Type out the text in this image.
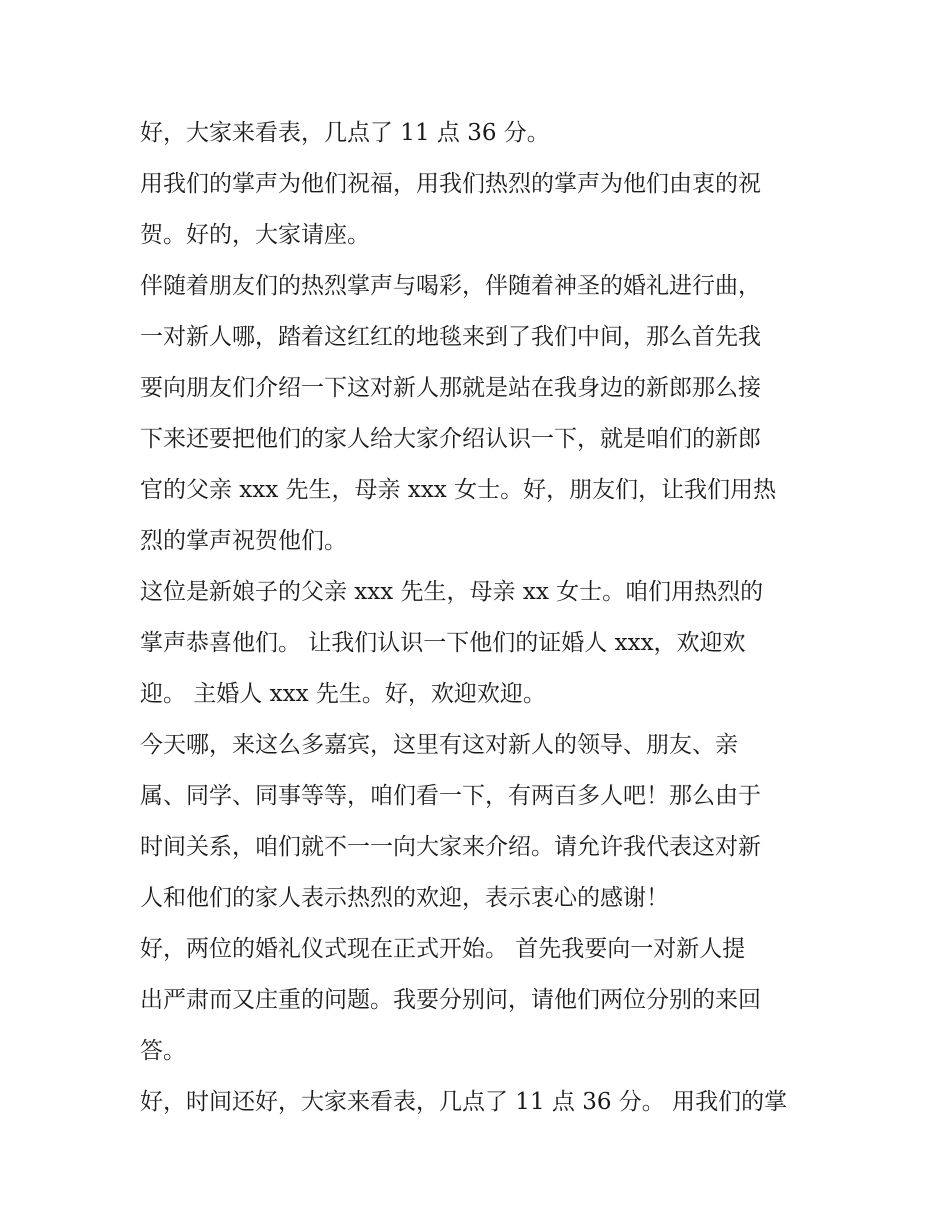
好，大家来看表，几点了 11 点 36 分。

用我们的掌声为他们祝福，用我们热烈的掌声为他们由衷的祝
贺。好的，大家请座。

伴随着朋友们的热烈掌声与喝彩，伴随着神圣的婚礼进行曲，
一对新人哪，踏着这红红的地毯来到了我们中间，那么首先我
要向朋友们介绍一下这对新人那就是站在我身边的新郎那么接
下来还要把他们的家人给大家介绍认识一下，就是咱们的新郎
官的父亲 xxx 先生，母亲 xxx 女士。好，朋友们，让我们用热
烈的掌声祝贺他们。

这位是新娘子的父亲 xxx 先生，母亲 xx 女士。咱们用热烈的
掌声恭喜他们。 让我们认识一下他们的证婚人 xxx，欢迎欢
迎。 主婚人 xxx 先生。好，欢迎欢迎。

今天哪，来这么多嘉宾，这里有这对新人的领导、朋友、亲
属、同学、同事等等，咱们看一下，有两百多人吧！那么由于
时间关系，咱们就不一一向大家来介绍。请允许我代表这对新
人和他们的家人表示热烈的欢迎，表示衷心的感谢！

好，两位的婚礼仪式现在正式开始。 首先我要向一对新人提
出严肃而又庄重的问题。我要分别问，请他们两位分别的来回
答。

好，时间还好，大家来看表，几点了 11 点 36 分。 用我们的掌
